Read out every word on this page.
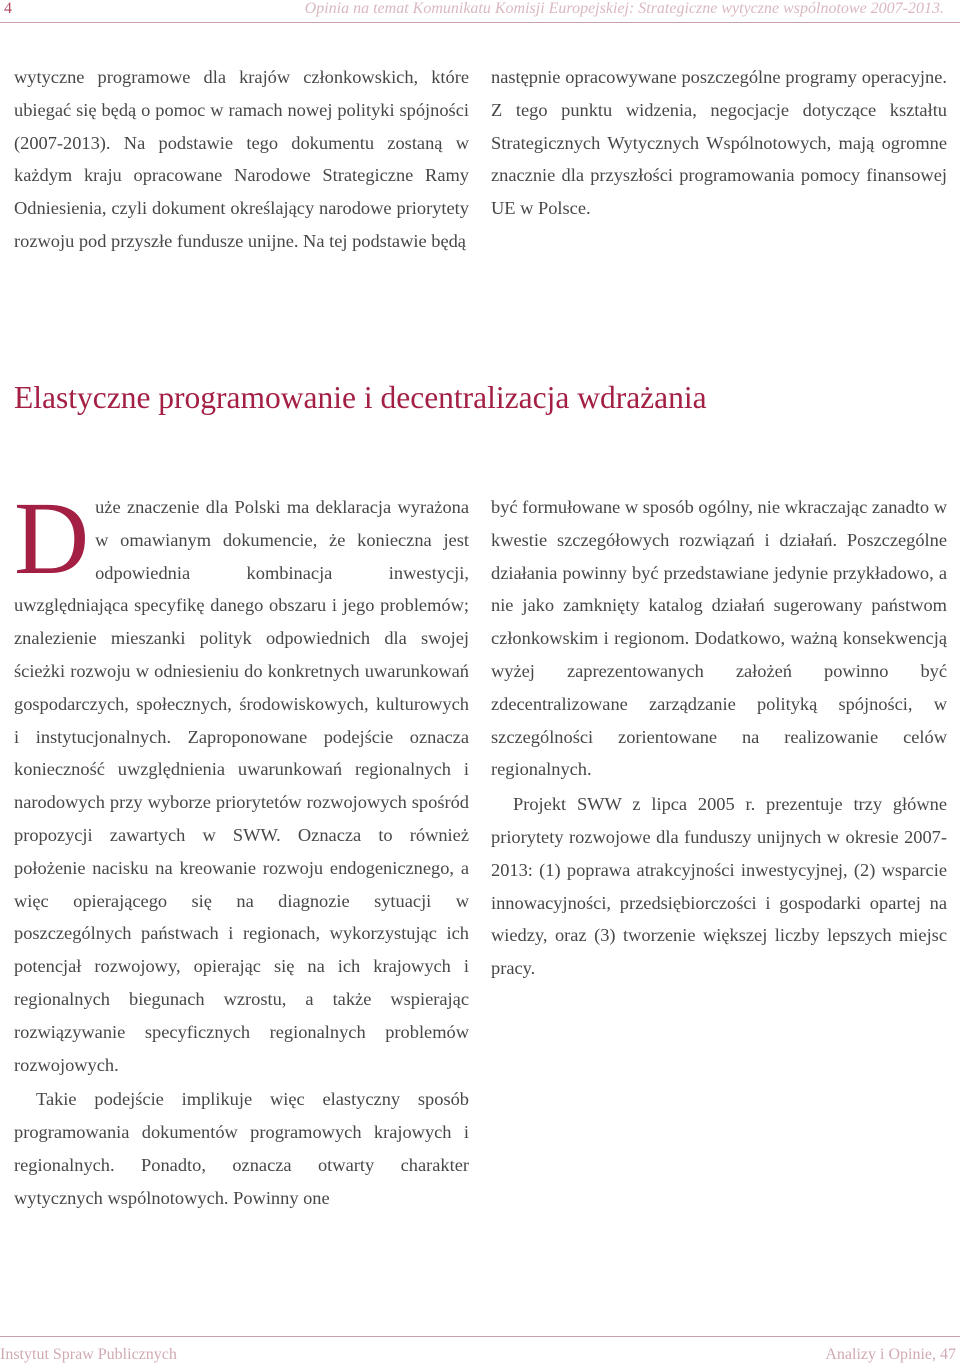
4	Opinia na temat Komunikatu Komisji Europejskiej: Strategiczne wytyczne wspólnotowe 2007-2013.

wytyczne programowe dla krajów członkowskich, które ubiegać się będą o pomoc w ramach nowej polityki spójności (2007-2013). Na podstawie tego dokumentu zostaną w każdym kraju opracowane Narodowe Strategiczne Ramy Odniesienia, czyli dokument określający narodowe priorytety rozwoju pod przyszłe fundusze unijne. Na tej podstawie będą

następnie opracowywane poszczególne programy operacyjne. Z tego punktu widzenia, negocjacje dotyczące kształtu Strategicznych Wytycznych Wspólnotowych, mają ogromne znacznie dla przyszłości programowania pomocy finansowej UE w Polsce.

Elastyczne programowanie i decentralizacja wdrażania

Duże znaczenie dla Polski ma deklaracja wyrażona w omawianym dokumencie, że konieczna jest odpowiednia kombinacja inwestycji, uwzględniająca specyfikę danego obszaru i jego problemów; znalezienie mieszanki polityk odpowiednich dla swojej ścieżki rozwoju w odniesieniu do konkretnych uwarunkowań gospodarczych, społecznych, środowiskowych, kulturowych i instytucjonalnych. Zaproponowane podejście oznacza konieczność uwzględnienia uwarunkowań regionalnych i narodowych przy wyborze priorytetów rozwojowych spośród propozycji zawartych w SWW. Oznacza to również położenie nacisku na kreowanie rozwoju endogenicznego, a więc opierającego się na diagnozie sytuacji w poszczególnych państwach i regionach, wykorzystując ich potencjał rozwojowy, opierając się na ich krajowych i regionalnych biegunach wzrostu, a także wspierając rozwiązywanie specyficznych regionalnych problemów rozwojowych.

Takie podejście implikuje więc elastyczny sposób programowania dokumentów programowych krajowych i regionalnych. Ponadto, oznacza otwarty charakter wytycznych wspólnotowych. Powinny one

być formułowane w sposób ogólny, nie wkraczając zanadto w kwestie szczegółowych rozwiązań i działań. Poszczególne działania powinny być przedstawiane jedynie przykładowo, a nie jako zamknięty katalog działań sugerowany państwom członkowskim i regionom. Dodatkowo, ważną konsekwencją wyżej zaprezentowanych założeń powinno być zdecentralizowane zarządzanie polityką spójności, w szczególności zorientowane na realizowanie celów regionalnych.

Projekt SWW z lipca 2005 r. prezentuje trzy główne priorytety rozwojowe dla funduszy unijnych w okresie 2007-2013: (1) poprawa atrakcyjności inwestycyjnej, (2) wsparcie innowacyjności, przedsiębiorczości i gospodarki opartej na wiedzy, oraz (3) tworzenie większej liczby lepszych miejsc pracy.

Instytut Spraw Publicznych	Analizy i Opinie, 47
